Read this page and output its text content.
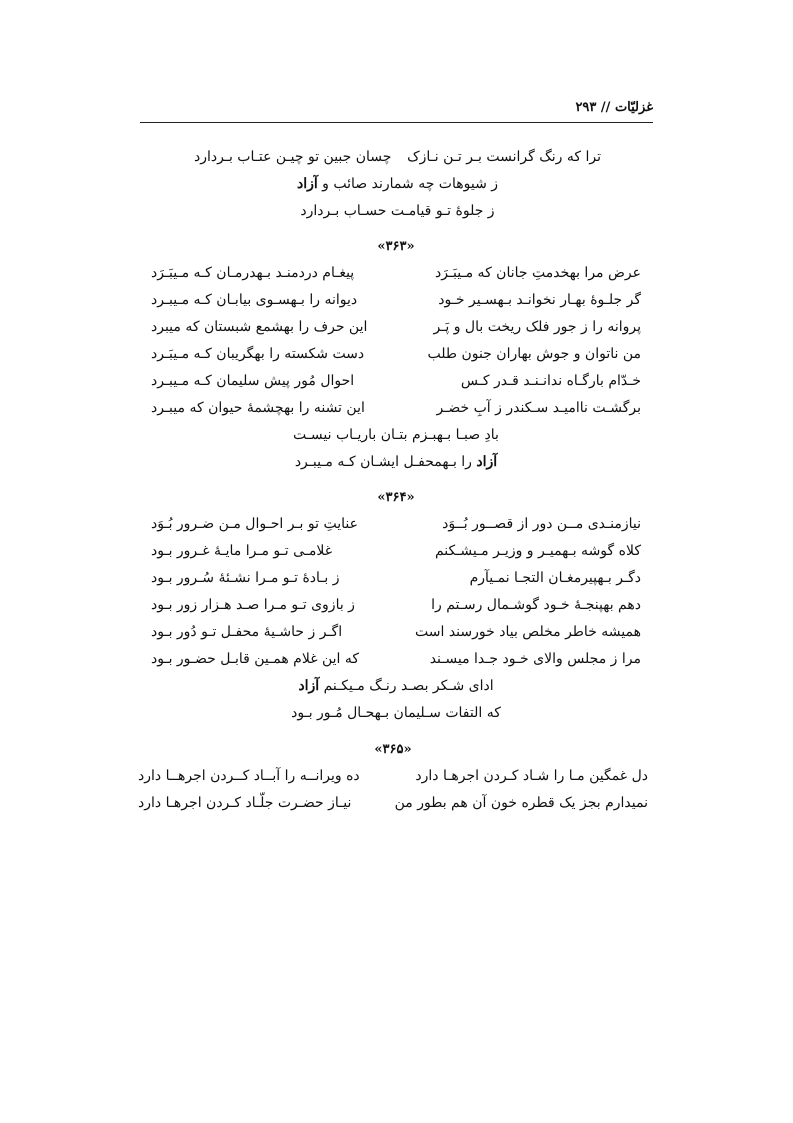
غزلیّات // ۲۹۳
ترا که رنگ گرانست بـر تـن نـازک
چسان جبین تو چیـن عتـاب بـردارد
ز شیوهات چه شمارند صائب و آزاد
ز جلوهٔ تـو قیامـت حسـاب بـردارد
«۳۶۳»
عرض مرا بهخدمتِ جانان که مـیبَـرَد
پیغـام دردمنـد بـهدرمـان کـه مـیبَـرَد
گر جلـوهٔ بهـار نخوانـد بـهسـیر خـود
دیوانه را بـهسـوی بیابـان کـه مـیبـرد
پروانه را ز جور فلک ریخت بال و پَـر
این حرف را بهشمع شبستان که میبرد
من ناتوان و جوش بهاران جنون طلب
دست شکسته را بهگریبان کـه مـیبَـرد
خـدّام بارگـاه ندانـنـد قـدر کـس
احوال مُور پیش سلیمان کـه مـیبـرد
برگشـت ناامیـد سـکندر ز آبِ خضـر
این تشنه را بهچشمهٔ حیوان که میبـرد
بادِ صبـا بـهبـزم بتـان باریـاب نیسـت
آزاد را بـهمحفـل ایشـان کـه مـیبـرد
«۳۶۴»
نیازمنـدی مــن دور از قصــور بُــوَد
عنایتِ تو بـر احـوال مـن ضـرور بُـوَد
کلاه گوشه بـهمیـر و وزیـر مـیشـکنم
غلامـی تـو مـرا مایـهٔ غـرور بـود
دگـر بـهپیرمغـان التجـا نمـیآرم
ز بـادهٔ تـو مـرا نشـئهٔ سُـرور بـود
دهم بهپنجـهٔ خـود گوشـمال رسـتم را
ز بازوی تـو مـرا صـد هـزار زور بـود
همیشه خاطر مخلص بیاد خورسند است
اگـر ز حاشـیهٔ محفـل تـو دُور بـود
مرا ز مجلس والای خـود جـدا میسـند
که این غلام همـین قابـل حضـور بـود
ادای شـکر بصـد رنـگ مـیکـنم آزاد
که التفات سـلیمان بـهحـال مُـور بـود
«۳۶۵»
دل غمگین مـا را شـاد کـردن اجرهـا دارد
ده ویرانــه را آبــاد کــردن اجرهــا دارد
نمیدارم بجز یک قطره خون آن هم بطور من
نیـاز حضـرت جلّـاد کـردن اجرهـا دارد
